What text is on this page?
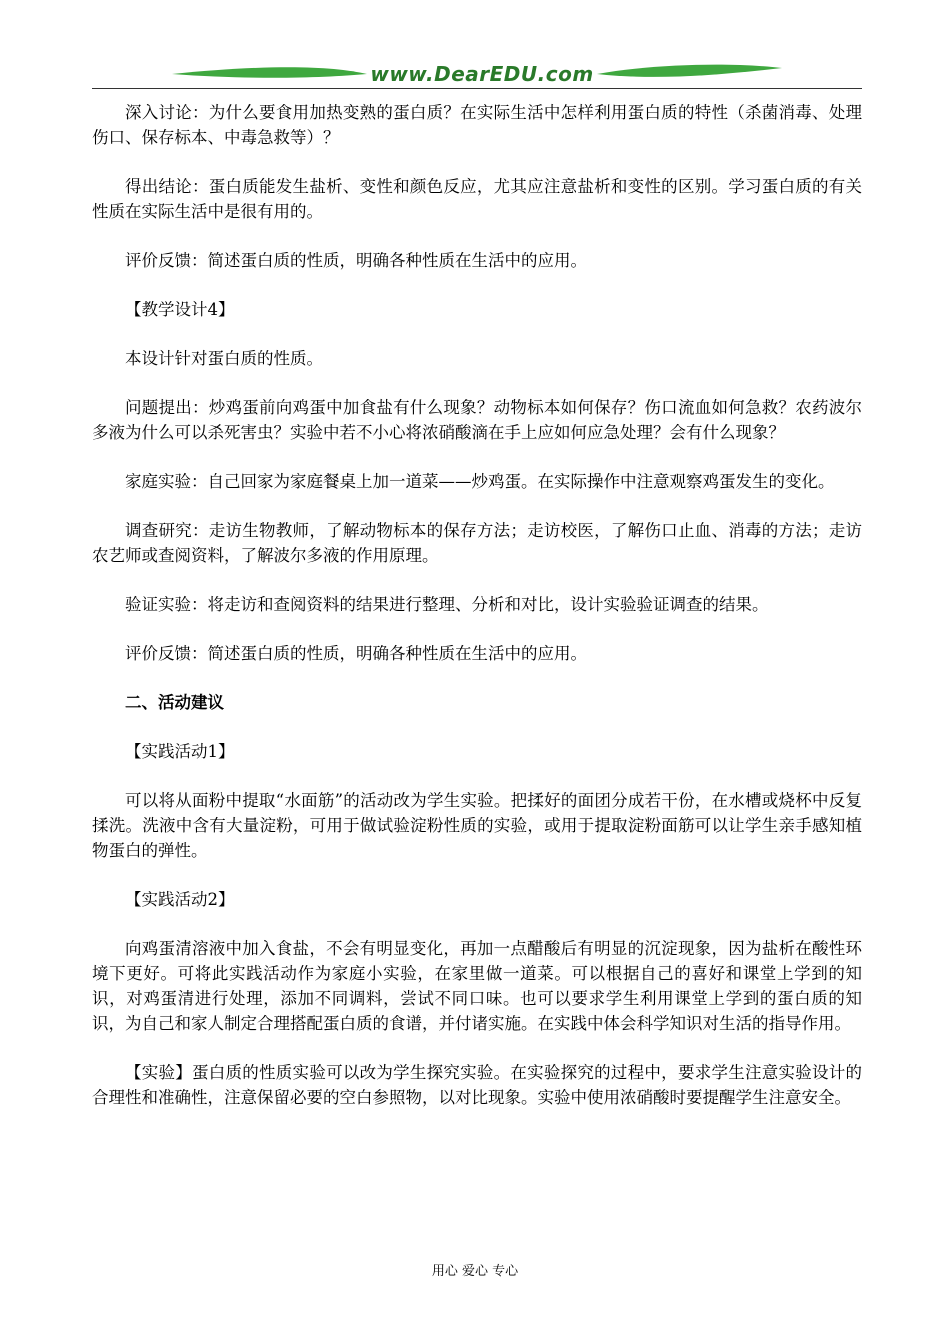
www.DearEDU.com

深入讨论：为什么要食用加热变熟的蛋白质？在实际生活中怎样利用蛋白质的特性（杀菌消毒、处理伤口、保存标本、中毒急救等）？

得出结论：蛋白质能发生盐析、变性和颜色反应，尤其应注意盐析和变性的区别。学习蛋白质的有关性质在实际生活中是很有用的。

评价反馈：简述蛋白质的性质，明确各种性质在生活中的应用。

【教学设计4】

本设计针对蛋白质的性质。

问题提出：炒鸡蛋前向鸡蛋中加食盐有什么现象？动物标本如何保存？伤口流血如何急救？农药波尔多液为什么可以杀死害虫？实验中若不小心将浓硝酸滴在手上应如何应急处理？会有什么现象？

家庭实验：自己回家为家庭餐桌上加一道菜——炒鸡蛋。在实际操作中注意观察鸡蛋发生的变化。

调查研究：走访生物教师，了解动物标本的保存方法；走访校医，了解伤口止血、消毒的方法；走访农艺师或查阅资料，了解波尔多液的作用原理。

验证实验：将走访和查阅资料的结果进行整理、分析和对比，设计实验验证调查的结果。

评价反馈：简述蛋白质的性质，明确各种性质在生活中的应用。

二、活动建议

【实践活动1】

可以将从面粉中提取“水面筋”的活动改为学生实验。把揉好的面团分成若干份，在水槽或烧杯中反复揉洗。洗液中含有大量淀粉，可用于做试验淀粉性质的实验，或用于提取淀粉面筋可以让学生亲手感知植物蛋白的弹性。

【实践活动2】

向鸡蛋清溶液中加入食盐，不会有明显变化，再加一点醋酸后有明显的沉淀现象，因为盐析在酸性环境下更好。可将此实践活动作为家庭小实验，在家里做一道菜。可以根据自己的喜好和课堂上学到的知识，对鸡蛋清进行处理，添加不同调料，尝试不同口味。也可以要求学生利用课堂上学到的蛋白质的知识，为自己和家人制定合理搭配蛋白质的食谱，并付诸实施。在实践中体会科学知识对生活的指导作用。

【实验】蛋白质的性质实验可以改为学生探究实验。在实验探究的过程中，要求学生注意实验设计的合理性和准确性，注意保留必要的空白参照物，以对比现象。实验中使用浓硝酸时要提醒学生注意安全。

用心 爱心 专心
